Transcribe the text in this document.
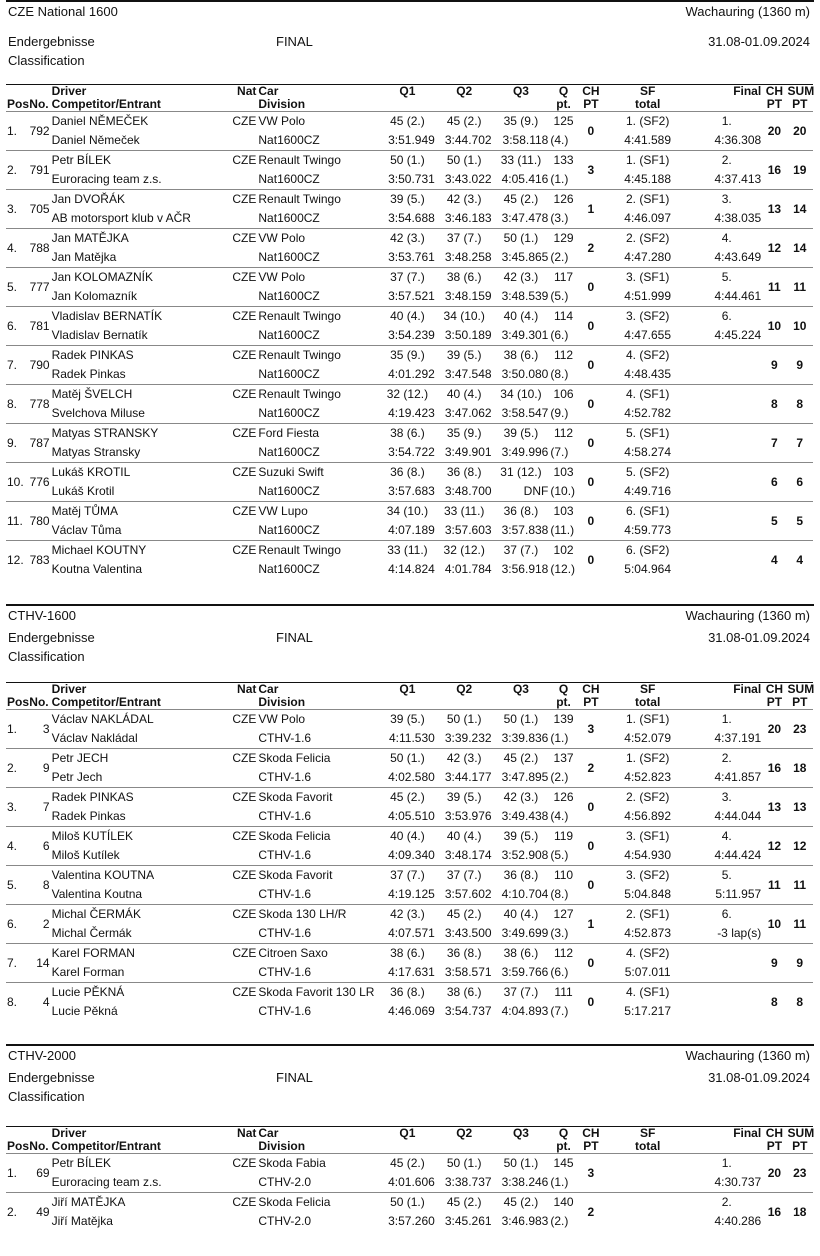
CZE National 1600	Wachauring (1360 m)
Endergebnisse	FINAL	31.08-01.09.2024
Classification
Pos	No.	Driver	Nat	Car	Q1	Q2	Q3	Q	CH	SF	Final	CH	SUM
		Competitor/Entrant		Division				pt.	PT	total		PT	PT
1.	792	Daniel NĚMEČEK	CZE	VW Polo	45 (2.)	45 (2.)	35 (9.)	125	0	1. (SF2)	1.	20	20
		Daniel Němeček		Nat1600CZ	3:51.949	3:44.702	3:58.118	(4.)		4:41.589	4:36.308		
2.	791	Petr BÍLEK	CZE	Renault Twingo	50 (1.)	50 (1.)	33 (11.)	133	3	1. (SF1)	2.	16	19
		Euroracing team z.s.		Nat1600CZ	3:50.731	3:43.022	4:05.416	(1.)		4:45.188	4:37.413		
3.	705	Jan DVOŘÁK	CZE	Renault Twingo	39 (5.)	42 (3.)	45 (2.)	126	1	2. (SF1)	3.	13	14
		AB motorsport klub v AČR		Nat1600CZ	3:54.688	3:46.183	3:47.478	(3.)		4:46.097	4:38.035		
4.	788	Jan MATĚJKA	CZE	VW Polo	42 (3.)	37 (7.)	50 (1.)	129	2	2. (SF2)	4.	12	14
		Jan Matějka		Nat1600CZ	3:53.761	3:48.258	3:45.865	(2.)		4:47.280	4:43.649		
5.	777	Jan KOLOMAZNÍK	CZE	VW Polo	37 (7.)	38 (6.)	42 (3.)	117	0	3. (SF1)	5.	11	11
		Jan Kolomazník		Nat1600CZ	3:57.521	3:48.159	3:48.539	(5.)		4:51.999	4:44.461		
6.	781	Vladislav BERNATÍK	CZE	Renault Twingo	40 (4.)	34 (10.)	40 (4.)	114	0	3. (SF2)	6.	10	10
		Vladislav Bernatík		Nat1600CZ	3:54.239	3:50.189	3:49.301	(6.)		4:47.655	4:45.224		
7.	790	Radek PINKAS	CZE	Renault Twingo	35 (9.)	39 (5.)	38 (6.)	112	0	4. (SF2)		9	9
		Radek Pinkas		Nat1600CZ	4:01.292	3:47.548	3:50.080	(8.)		4:48.435			
8.	778	Matěj ŠVELCH	CZE	Renault Twingo	32 (12.)	40 (4.)	34 (10.)	106	0	4. (SF1)		8	8
		Svelchova Miluse		Nat1600CZ	4:19.423	3:47.062	3:58.547	(9.)		4:52.782			
9.	787	Matyas STRANSKY	CZE	Ford Fiesta	38 (6.)	35 (9.)	39 (5.)	112	0	5. (SF1)		7	7
		Matyas Stransky		Nat1600CZ	3:54.722	3:49.901	3:49.996	(7.)		4:58.274			
10.	776	Lukáš KROTIL	CZE	Suzuki Swift	36 (8.)	36 (8.)	31 (12.)	103	0	5. (SF2)		6	6
		Lukáš Krotil		Nat1600CZ	3:57.683	3:48.700	DNF	(10.)		4:49.716			
11.	780	Matěj TŮMA	CZE	VW Lupo	34 (10.)	33 (11.)	36 (8.)	103	0	6. (SF1)		5	5
		Václav Tůma		Nat1600CZ	4:07.189	3:57.603	3:57.838	(11.)		4:59.773			
12.	783	Michael KOUTNY	CZE	Renault Twingo	33 (11.)	32 (12.)	37 (7.)	102	0	6. (SF2)		4	4
		Koutna Valentina		Nat1600CZ	4:14.824	4:01.784	3:56.918	(12.)		5:04.964			
CTHV-1600	Wachauring (1360 m)
Endergebnisse	FINAL	31.08-01.09.2024
Classification
Pos	No.	Driver	Nat	Car	Q1	Q2	Q3	Q	CH	SF	Final	CH	SUM
		Competitor/Entrant		Division				pt.	PT	total		PT	PT
1.	3	Václav NAKLÁDAL	CZE	VW Polo	39 (5.)	50 (1.)	50 (1.)	139	3	1. (SF1)	1.	20	23
		Václav Nakládal		CTHV-1.6	4:11.530	3:39.232	3:39.836	(1.)		4:52.079	4:37.191		
2.	9	Petr JECH	CZE	Skoda Felicia	50 (1.)	42 (3.)	45 (2.)	137	2	1. (SF2)	2.	16	18
		Petr Jech		CTHV-1.6	4:02.580	3:44.177	3:47.895	(2.)		4:52.823	4:41.857		
3.	7	Radek PINKAS	CZE	Skoda Favorit	45 (2.)	39 (5.)	42 (3.)	126	0	2. (SF2)	3.	13	13
		Radek Pinkas		CTHV-1.6	4:05.510	3:53.976	3:49.438	(4.)		4:56.892	4:44.044		
4.	6	Miloš KUTÍLEK	CZE	Skoda Felicia	40 (4.)	40 (4.)	39 (5.)	119	0	3. (SF1)	4.	12	12
		Miloš Kutílek		CTHV-1.6	4:09.340	3:48.174	3:52.908	(5.)		4:54.930	4:44.424		
5.	8	Valentina KOUTNA	CZE	Skoda Favorit	37 (7.)	37 (7.)	36 (8.)	110	0	3. (SF2)	5.	11	11
		Valentina Koutna		CTHV-1.6	4:19.125	3:57.602	4:10.704	(8.)		5:04.848	5:11.957		
6.	2	Michal ČERMÁK	CZE	Skoda 130 LH/R	42 (3.)	45 (2.)	40 (4.)	127	1	2. (SF1)	6.	10	11
		Michal Čermák		CTHV-1.6	4:07.571	3:43.500	3:49.699	(3.)		4:52.873	-3 lap(s)		
7.	14	Karel FORMAN	CZE	Citroen Saxo	38 (6.)	36 (8.)	38 (6.)	112	0	4. (SF2)		9	9
		Karel Forman		CTHV-1.6	4:17.631	3:58.571	3:59.766	(6.)		5:07.011			
8.	4	Lucie PĚKNÁ	CZE	Skoda Favorit 130 LR	36 (8.)	38 (6.)	37 (7.)	111	0	4. (SF1)		8	8
		Lucie Pěkná		CTHV-1.6	4:46.069	3:54.737	4:04.893	(7.)		5:17.217			
CTHV-2000	Wachauring (1360 m)
Endergebnisse	FINAL	31.08-01.09.2024
Classification
Pos	No.	Driver	Nat	Car	Q1	Q2	Q3	Q	CH	SF	Final	CH	SUM
		Competitor/Entrant		Division				pt.	PT	total		PT	PT
1.	69	Petr BÍLEK	CZE	Skoda Fabia	45 (2.)	50 (1.)	50 (1.)	145	3		1.	20	23
		Euroracing team z.s.		CTHV-2.0	4:01.606	3:38.737	3:38.246	(1.)			4:30.737		
2.	49	Jiří MATĚJKA	CZE	Skoda Felicia	50 (1.)	45 (2.)	45 (2.)	140	2		2.	16	18
		Jiří Matějka		CTHV-2.0	3:57.260	3:45.261	3:46.983	(2.)			4:40.286		
